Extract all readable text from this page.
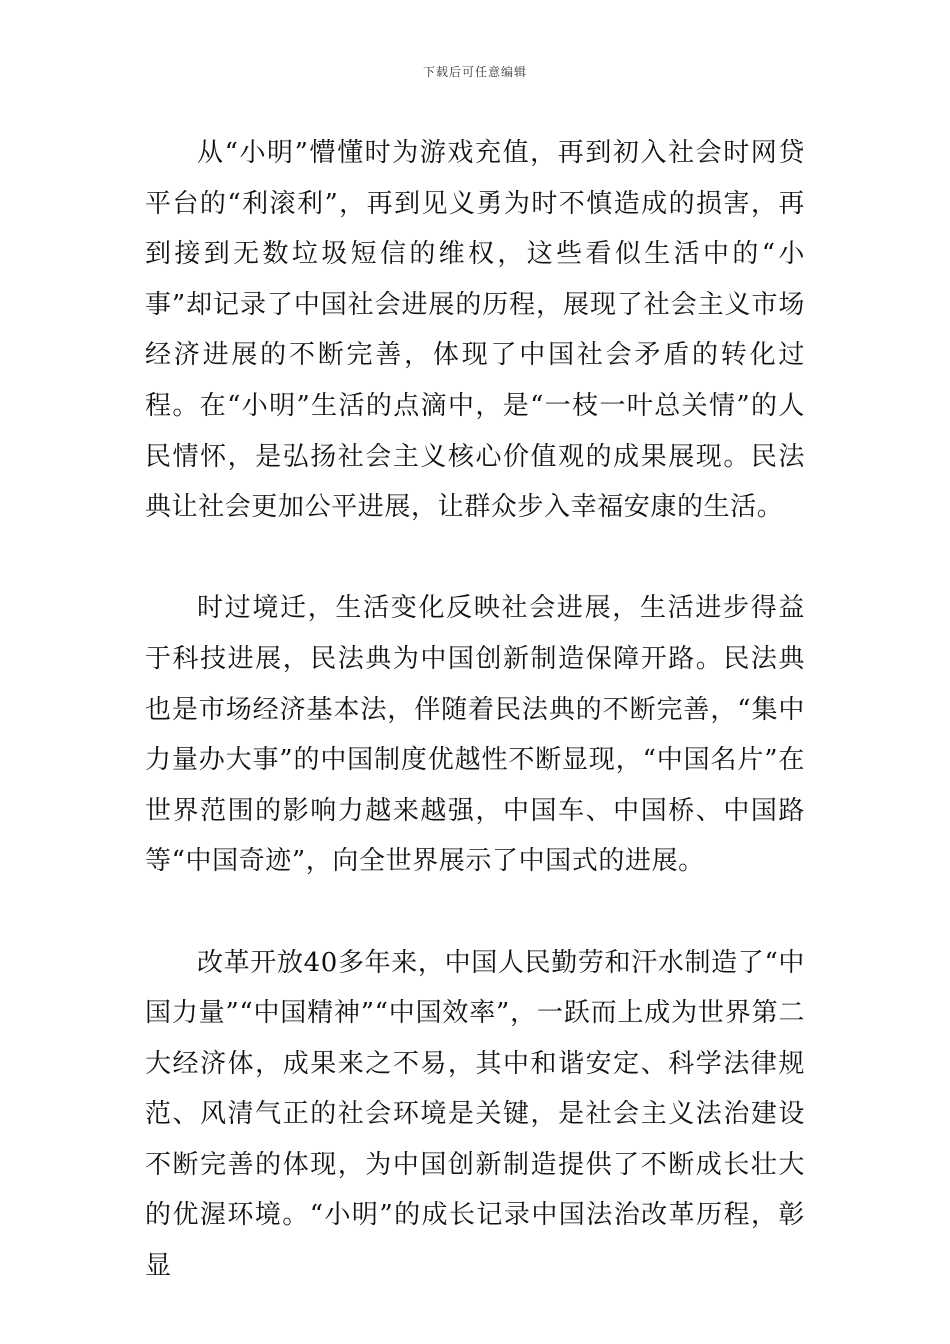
下载后可任意编辑

从“小明”懵懂时为游戏充值，再到初入社会时网贷平台的“利滚利”，再到见义勇为时不慎造成的损害，再到接到无数垃圾短信的维权，这些看似生活中的“小事”却记录了中国社会进展的历程，展现了社会主义市场经济进展的不断完善，体现了中国社会矛盾的转化过程。在“小明”生活的点滴中，是“一枝一叶总关情”的人民情怀，是弘扬社会主义核心价值观的成果展现。民法典让社会更加公平进展，让群众步入幸福安康的生活。

时过境迁，生活变化反映社会进展，生活进步得益于科技进展，民法典为中国创新制造保障开路。民法典也是市场经济基本法，伴随着民法典的不断完善，“集中力量办大事”的中国制度优越性不断显现，“中国名片”在世界范围的影响力越来越强，中国车、中国桥、中国路等“中国奇迹”，向全世界展示了中国式的进展。

改革开放40多年来，中国人民勤劳和汗水制造了“中国力量”“中国精神”“中国效率”，一跃而上成为世界第二大经济体，成果来之不易，其中和谐安定、科学法律规范、风清气正的社会环境是关键，是社会主义法治建设不断完善的体现，为中国创新制造提供了不断成长壮大的优渥环境。“小明”的成长记录中国法治改革历程，彰显
